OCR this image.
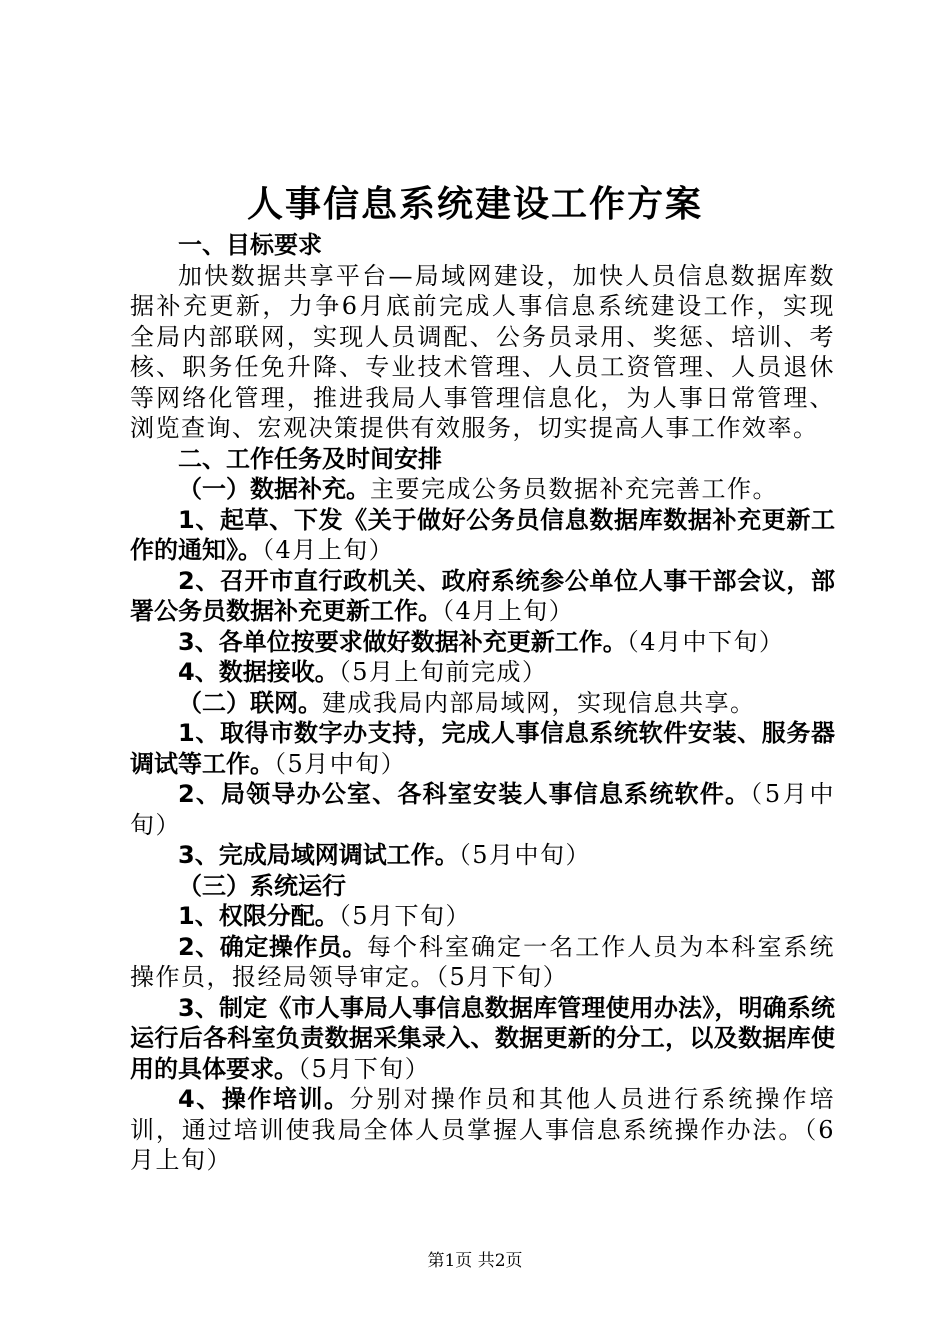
人事信息系统建设工作方案

一、目标要求

加快数据共享平台—局域网建设，加快人员信息数据库数据补充更新，力争6月底前完成人事信息系统建设工作，实现全局内部联网，实现人员调配、公务员录用、奖惩、培训、考核、职务任免升降、专业技术管理、人员工资管理、人员退休等网络化管理，推进我局人事管理信息化，为人事日常管理、浏览查询、宏观决策提供有效服务，切实提高人事工作效率。

二、工作任务及时间安排

（一）数据补充。主要完成公务员数据补充完善工作。

1、起草、下发《关于做好公务员信息数据库数据补充更新工作的通知》。（4月上旬）

2、召开市直行政机关、政府系统参公单位人事干部会议，部署公务员数据补充更新工作。（4月上旬）

3、各单位按要求做好数据补充更新工作。（4月中下旬）

4、数据接收。（5月上旬前完成）

（二）联网。建成我局内部局域网，实现信息共享。

1、取得市数字办支持，完成人事信息系统软件安装、服务器调试等工作。（5月中旬）

2、局领导办公室、各科室安装人事信息系统软件。（5月中旬）

3、完成局域网调试工作。（5月中旬）

（三）系统运行

1、权限分配。（5月下旬）

2、确定操作员。每个科室确定一名工作人员为本科室系统操作员，报经局领导审定。（5月下旬）

3、制定《市人事局人事信息数据库管理使用办法》，明确系统运行后各科室负责数据采集录入、数据更新的分工，以及数据库使用的具体要求。（5月下旬）

4、操作培训。分别对操作员和其他人员进行系统操作培训，通过培训使我局全体人员掌握人事信息系统操作办法。（6月上旬）

第1页 共2页
